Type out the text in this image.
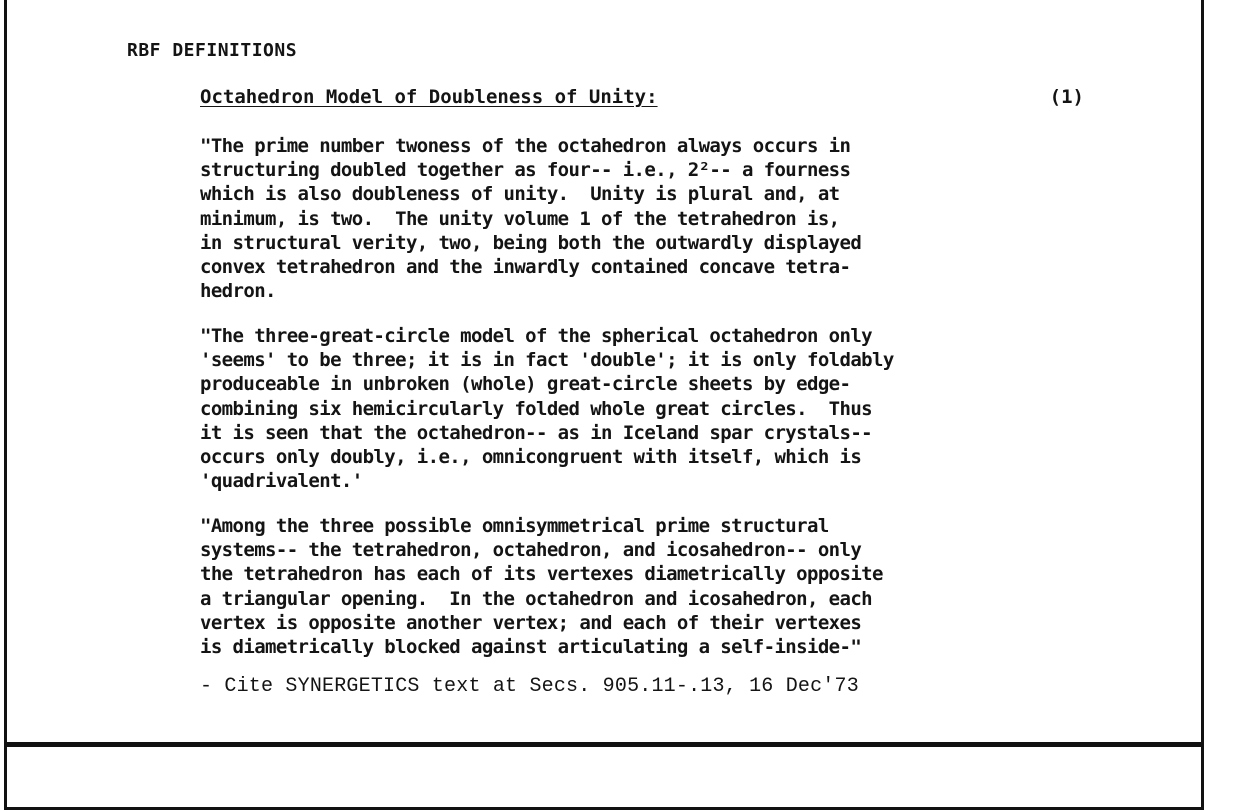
RBF DEFINITIONS
Octahedron Model of Doubleness of Unity:	(1)

"The prime number twoness of the octahedron always occurs in
structuring doubled together as four-- i.e., 2²-- a fourness
which is also doubleness of unity.  Unity is plural and, at
minimum, is two.  The unity volume 1 of the tetrahedron is,
in structural verity, two, being both the outwardly displayed
convex tetrahedron and the inwardly contained concave tetra-
hedron.

"The three-great-circle model of the spherical octahedron only
'seems' to be three; it is in fact 'double'; it is only foldably
produceable in unbroken (whole) great-circle sheets by edge-
combining six hemicircularly folded whole great circles.  Thus
it is seen that the octahedron-- as in Iceland spar crystals--
occurs only doubly, i.e., omnicongruent with itself, which is
'quadrivalent.'

"Among the three possible omnisymmetrical prime structural
systems-- the tetrahedron, octahedron, and icosahedron-- only
the tetrahedron has each of its vertexes diametrically opposite
a triangular opening.  In the octahedron and icosahedron, each
vertex is opposite another vertex; and each of their vertexes
is diametrically blocked against articulating a self-inside-"

- Cite SYNERGETICS text at Secs. 905.11-.13, 16 Dec'73
